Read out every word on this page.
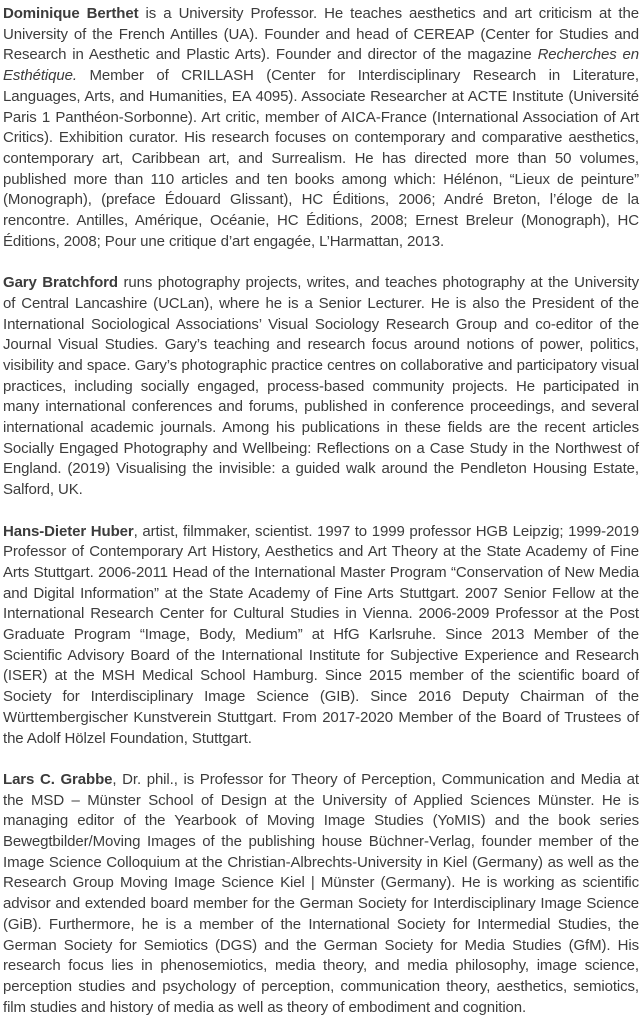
Dominique Berthet is a University Professor. He teaches aesthetics and art criticism at the University of the French Antilles (UA). Founder and head of CEREAP (Center for Studies and Research in Aesthetic and Plastic Arts). Founder and director of the magazine Recherches en Esthétique. Member of CRILLASH (Center for Interdisciplinary Research in Literature, Languages, Arts, and Humanities, EA 4095). Associate Researcher at ACTE Institute (Université Paris 1 Panthéon-Sorbonne). Art critic, member of AICA-France (International Association of Art Critics). Exhibition curator. His research focuses on contemporary and comparative aesthetics, contemporary art, Caribbean art, and Surrealism. He has directed more than 50 volumes, published more than 110 articles and ten books among which: Hélénon, “Lieux de peinture” (Monograph), (preface Édouard Glissant), HC Éditions, 2006; André Breton, l’éloge de la rencontre. Antilles, Amérique, Océanie, HC Éditions, 2008; Ernest Breleur (Monograph), HC Éditions, 2008; Pour une critique d’art engagée, L’Harmattan, 2013.

Gary Bratchford runs photography projects, writes, and teaches photography at the University of Central Lancashire (UCLan), where he is a Senior Lecturer. He is also the President of the International Sociological Associations’ Visual Sociology Research Group and co-editor of the Journal Visual Studies. Gary’s teaching and research focus around notions of power, politics, visibility and space. Gary’s photographic practice centres on collaborative and participatory visual practices, including socially engaged, process-based community projects. He participated in many international conferences and forums, published in conference proceedings, and several international academic journals. Among his publications in these fields are the recent articles Socially Engaged Photography and Wellbeing: Reflections on a Case Study in the Northwest of England. (2019) Visualising the invisible: a guided walk around the Pendleton Housing Estate, Salford, UK.

Hans-Dieter Huber, artist, filmmaker, scientist. 1997 to 1999 professor HGB Leipzig; 1999-2019 Professor of Contemporary Art History, Aesthetics and Art Theory at the State Academy of Fine Arts Stuttgart. 2006-2011 Head of the International Master Program “Conservation of New Media and Digital Information” at the State Academy of Fine Arts Stuttgart. 2007 Senior Fellow at the International Research Center for Cultural Studies in Vienna. 2006-2009 Professor at the Post Graduate Program “Image, Body, Medium” at HfG Karlsruhe. Since 2013 Member of the Scientific Advisory Board of the International Institute for Subjective Experience and Research (ISER) at the MSH Medical School Hamburg. Since 2015 member of the scientific board of Society for Interdisciplinary Image Science (GIB). Since 2016 Deputy Chairman of the Württembergischer Kunstverein Stuttgart. From 2017-2020 Member of the Board of Trustees of the Adolf Hölzel Foundation, Stuttgart.

Lars C. Grabbe, Dr. phil., is Professor for Theory of Perception, Communication and Media at the MSD – Münster School of Design at the University of Applied Sciences Münster. He is managing editor of the Yearbook of Moving Image Studies (YoMIS) and the book series Bewegtbilder/Moving Images of the publishing house Büchner-Verlag, founder member of the Image Science Colloquium at the Christian-Albrechts-University in Kiel (Germany) as well as the Research Group Moving Image Science Kiel | Münster (Germany). He is working as scientific advisor and extended board member for the German Society for Interdisciplinary Image Science (GiB). Furthermore, he is a member of the International Society for Intermedial Studies, the German Society for Semiotics (DGS) and the German Society for Media Studies (GfM). His research focus lies in phenosemiotics, media theory, and media philosophy, image science, perception studies and psychology of perception, communication theory, aesthetics, semiotics, film studies and history of media as well as theory of embodiment and cognition.
